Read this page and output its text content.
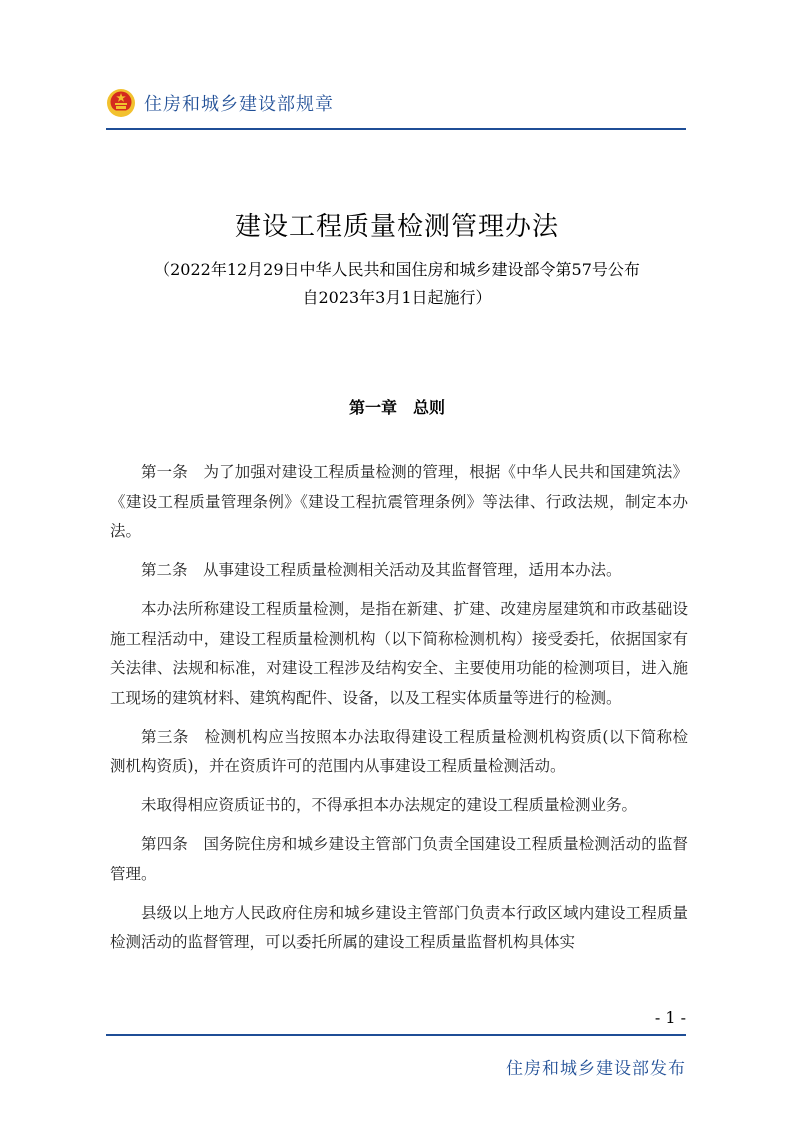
住房和城乡建设部规章
建设工程质量检测管理办法
（2022年12月29日中华人民共和国住房和城乡建设部令第57号公布
自2023年3月1日起施行）
第一章　总则

第一条　为了加强对建设工程质量检测的管理，根据《中华人民共和国建筑法》《建设工程质量管理条例》《建设工程抗震管理条例》等法律、行政法规，制定本办法。

第二条　从事建设工程质量检测相关活动及其监督管理，适用本办法。

本办法所称建设工程质量检测，是指在新建、扩建、改建房屋建筑和市政基础设施工程活动中，建设工程质量检测机构（以下简称检测机构）接受委托，依据国家有关法律、法规和标准，对建设工程涉及结构安全、主要使用功能的检测项目，进入施工现场的建筑材料、建筑构配件、设备，以及工程实体质量等进行的检测。

第三条　检测机构应当按照本办法取得建设工程质量检测机构资质(以下简称检测机构资质)，并在资质许可的范围内从事建设工程质量检测活动。

未取得相应资质证书的，不得承担本办法规定的建设工程质量检测业务。

第四条　国务院住房和城乡建设主管部门负责全国建设工程质量检测活动的监督管理。

县级以上地方人民政府住房和城乡建设主管部门负责本行政区域内建设工程质量检测活动的监督管理，可以委托所属的建设工程质量监督机构具体实

- 1 -
住房和城乡建设部发布
